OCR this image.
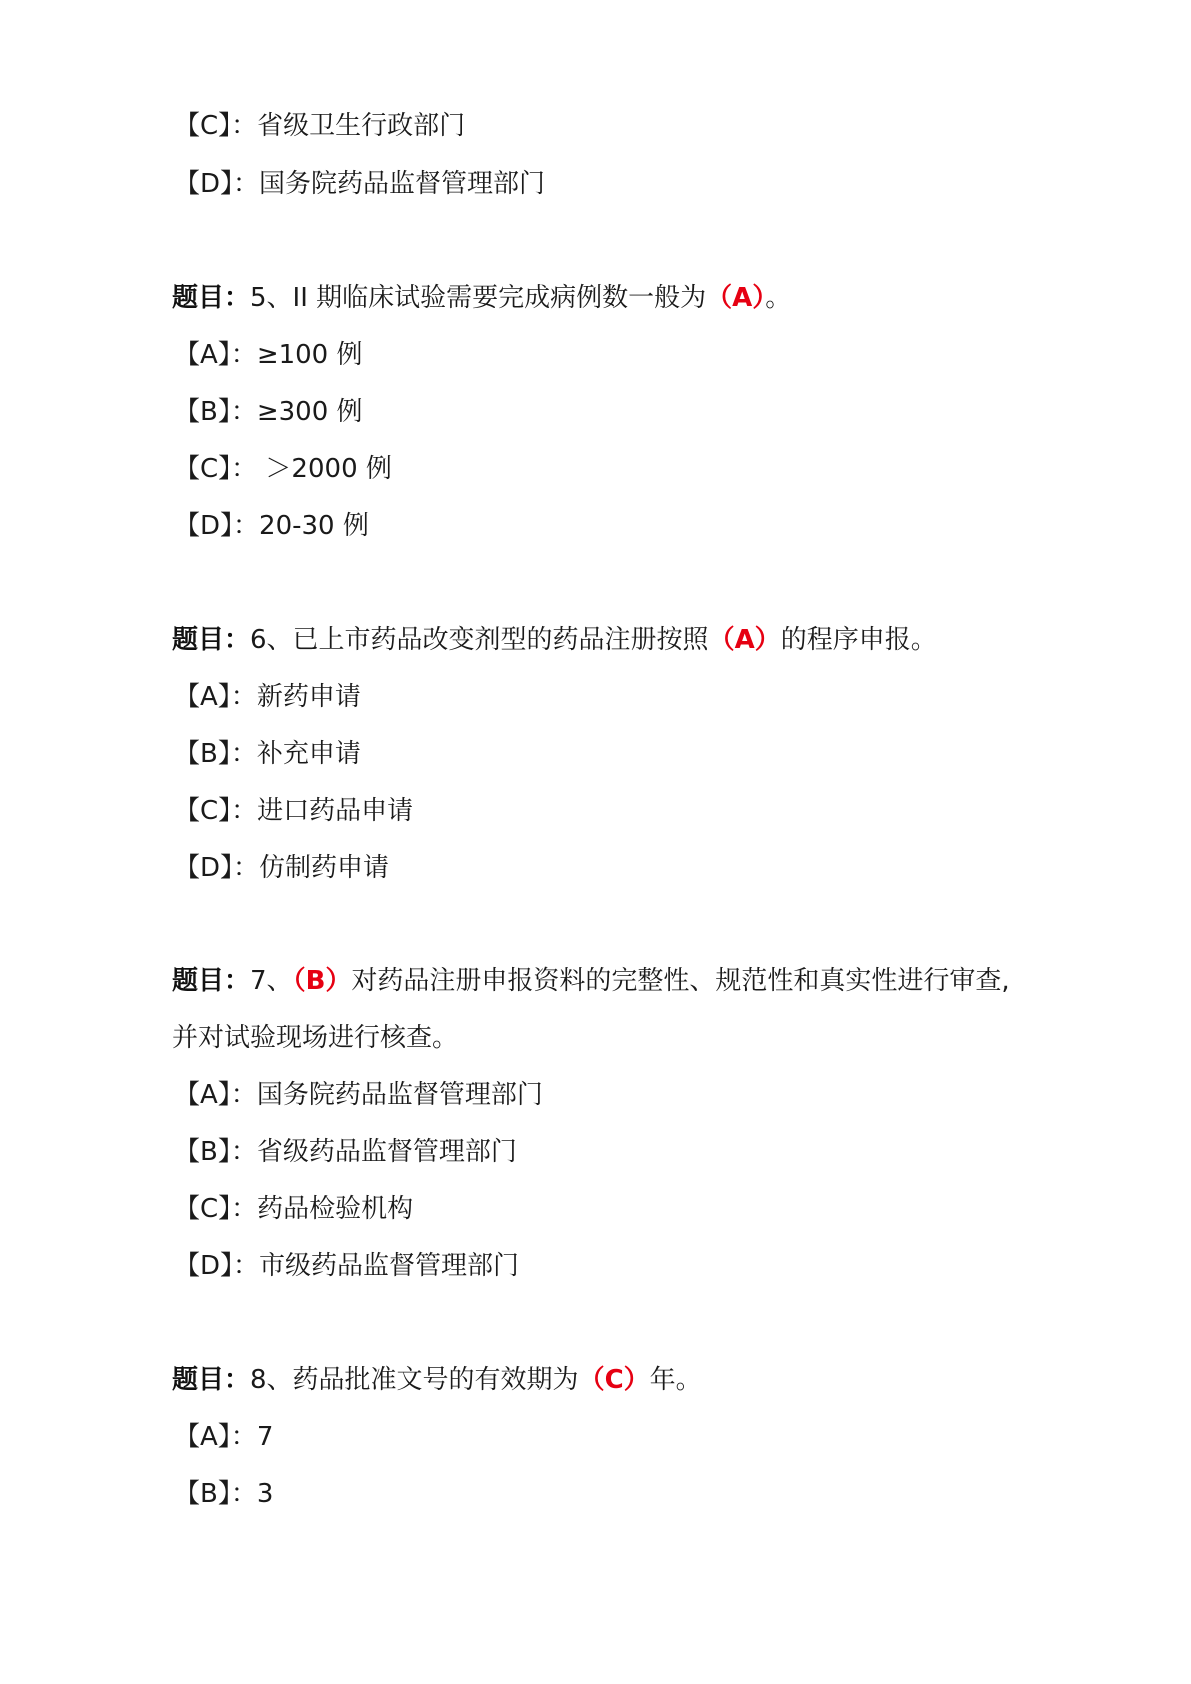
【C】：省级卫生行政部门
【D】：国务院药品监督管理部门
题目：5、II 期临床试验需要完成病例数一般为（A）。
【A】：≥100 例
【B】：≥300 例
【C】： ＞2000 例
【D】：20-30 例
题目：6、已上市药品改变剂型的药品注册按照（A）的程序申报。
【A】：新药申请
【B】：补充申请
【C】：进口药品申请
【D】：仿制药申请
题目：7、（B）对药品注册申报资料的完整性、规范性和真实性进行审查,
并对试验现场进行核查。
【A】：国务院药品监督管理部门
【B】：省级药品监督管理部门
【C】：药品检验机构
【D】：市级药品监督管理部门
题目：8、药品批准文号的有效期为（C）年。
【A】：7
【B】：3
